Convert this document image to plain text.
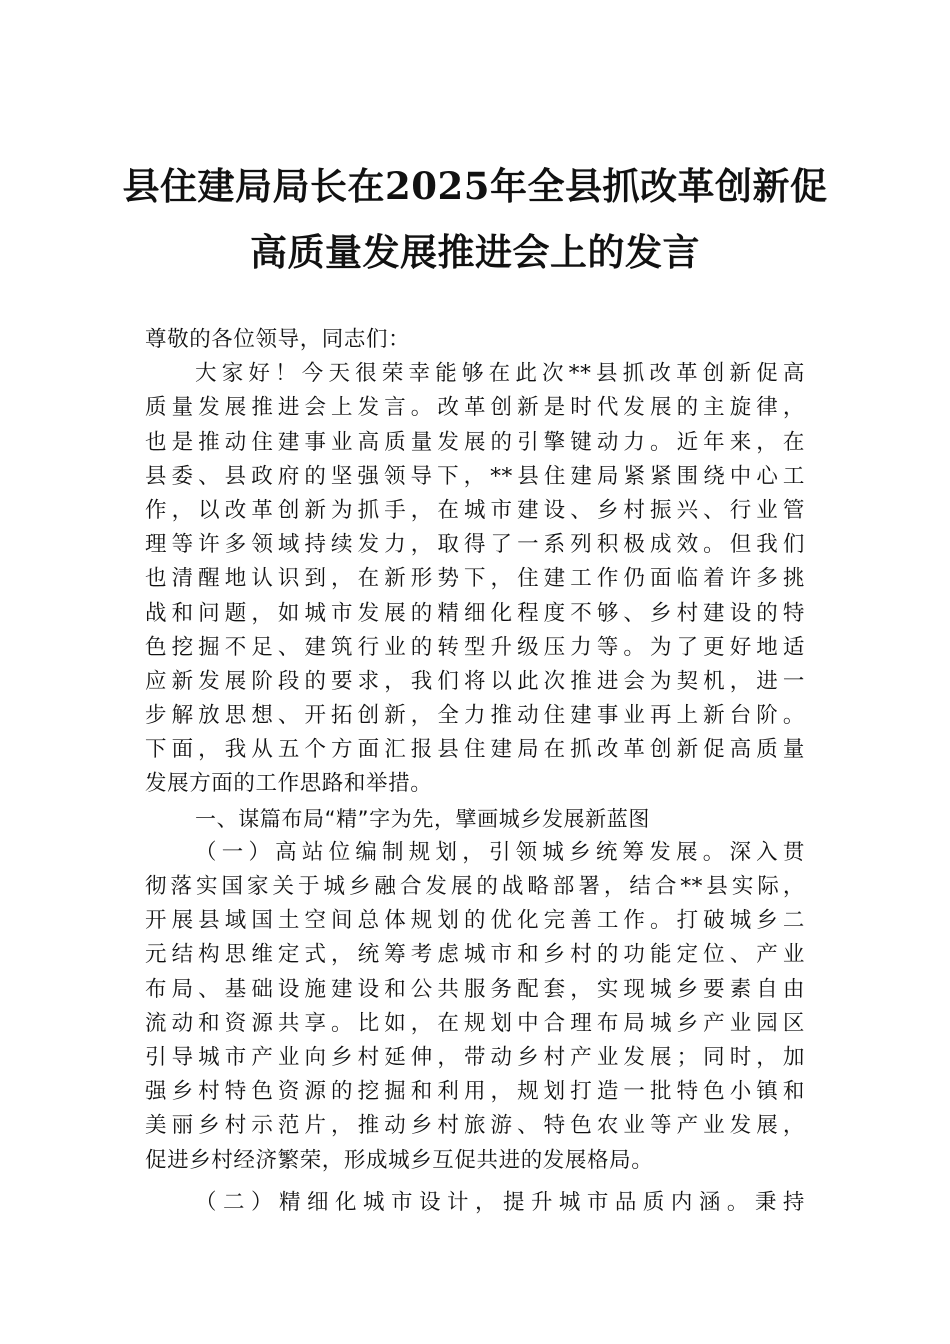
县住建局局长在2025年全县抓改革创新促
高质量发展推进会上的发言
尊敬的各位领导，同志们：
大家好！今天很荣幸能够在此次**县抓改革创新促高
质量发展推进会上发言。改革创新是时代发展的主旋律，
也是推动住建事业高质量发展的引擎键动力。近年来，在
县委、县政府的坚强领导下，**县住建局紧紧围绕中心工
作，以改革创新为抓手，在城市建设、乡村振兴、行业管
理等许多领域持续发力，取得了一系列积极成效。但我们
也清醒地认识到，在新形势下，住建工作仍面临着许多挑
战和问题，如城市发展的精细化程度不够、乡村建设的特
色挖掘不足、建筑行业的转型升级压力等。为了更好地适
应新发展阶段的要求，我们将以此次推进会为契机，进一
步解放思想、开拓创新，全力推动住建事业再上新台阶。
下面，我从五个方面汇报县住建局在抓改革创新促高质量
发展方面的工作思路和举措。
一、谋篇布局“精”字为先，擘画城乡发展新蓝图
（一）高站位编制规划，引领城乡统筹发展。深入贯
彻落实国家关于城乡融合发展的战略部署，结合**县实际，
开展县域国土空间总体规划的优化完善工作。打破城乡二
元结构思维定式，统筹考虑城市和乡村的功能定位、产业
布局、基础设施建设和公共服务配套，实现城乡要素自由
流动和资源共享。比如，在规划中合理布局城乡产业园区
引导城市产业向乡村延伸，带动乡村产业发展；同时，加
强乡村特色资源的挖掘和利用，规划打造一批特色小镇和
美丽乡村示范片，推动乡村旅游、特色农业等产业发展，
促进乡村经济繁荣，形成城乡互促共进的发展格局。
（二）精细化城市设计，提升城市品质内涵。秉持
